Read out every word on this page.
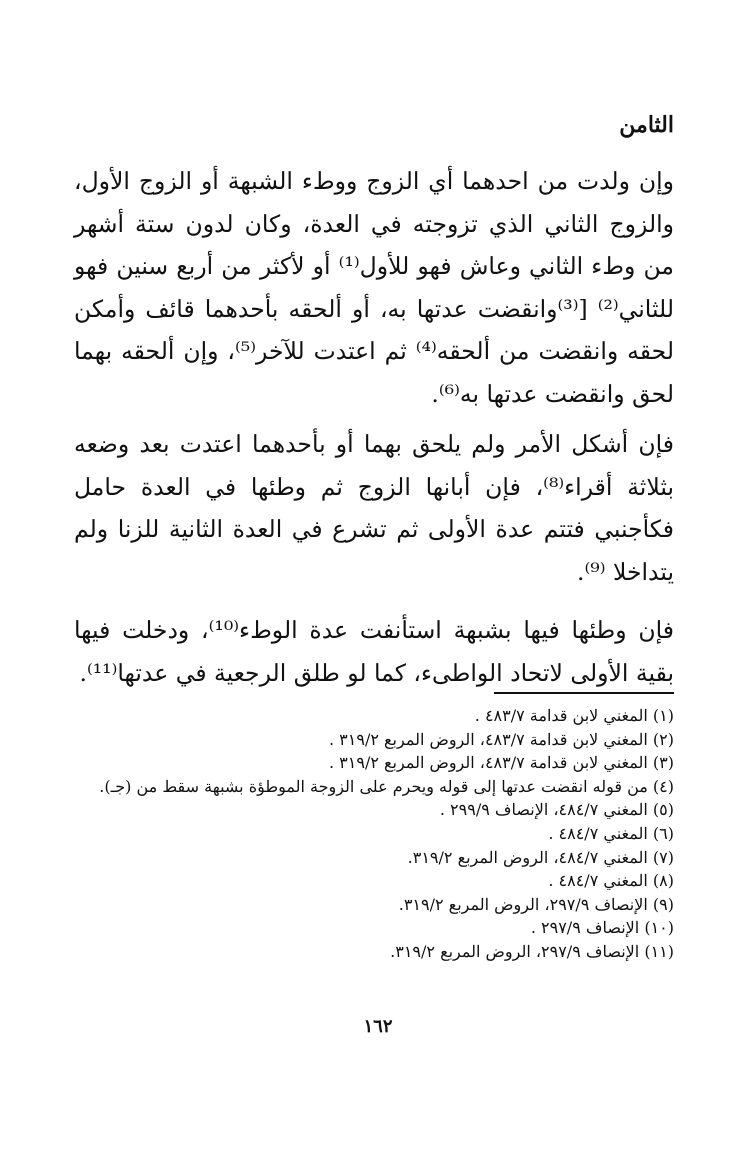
الثامن

وإن ولدت من احدهما أي الزوج ووطء الشبهة أو الزوج الأول، والزوج الثاني الذي تزوجته في العدة، وكان لدون ستة أشهر من وطء الثاني وعاش فهو للأول⁽¹⁾ أو لأكثر من أربع سنين فهو للثاني⁽²⁾ [⁽³⁾وانقضت عدتها به، أو ألحقه بأحدهما قائف وأمكن لحقه وانقضت من ألحقه⁽⁴⁾ ثم اعتدت للآخر⁽⁵⁾، وإن ألحقه بهما لحق وانقضت عدتها به⁽⁶⁾.

فإن أشكل الأمر ولم يلحق بهما أو بأحدهما اعتدت بعد وضعه بثلاثة أقراء⁽⁸⁾، فإن أبانها الزوج ثم وطئها في العدة حامل فكأجنبي فتتم عدة الأولى ثم تشرع في العدة الثانية للزنا ولم يتداخلا ⁽⁹⁾.

فإن وطئها فيها بشبهة استأنفت عدة الوطء⁽¹⁰⁾، ودخلت فيها بقية الأولى لاتحاد الواطىء، كما لو طلق الرجعية في عدتها⁽¹¹⁾.

(١) المغني لابن قدامة ٤٨٣/٧ .
(٢) المغني لابن قدامة ٤٨٣/٧، الروض المربع ٣١٩/٢ .
(٣) المغني لابن قدامة ٤٨٣/٧، الروض المربع ٣١٩/٢ .
(٤) من قوله انقضت عدتها إلى قوله ويحرم على الزوجة الموطؤة بشبهة سقط من (جـ).
(٥) المغني ٤٨٤/٧، الإنصاف ٢٩٩/٩ .
(٦) المغني ٤٨٤/٧ .
(٧) المغني ٤٨٤/٧، الروض المربع ٣١٩/٢.
(٨) المغني ٤٨٤/٧ .
(٩) الإنصاف ٢٩٧/٩، الروض المربع ٣١٩/٢.
(١٠) الإنصاف ٢٩٧/٩ .
(١١) الإنصاف ٢٩٧/٩، الروض المربع ٣١٩/٢.
١٦٢
